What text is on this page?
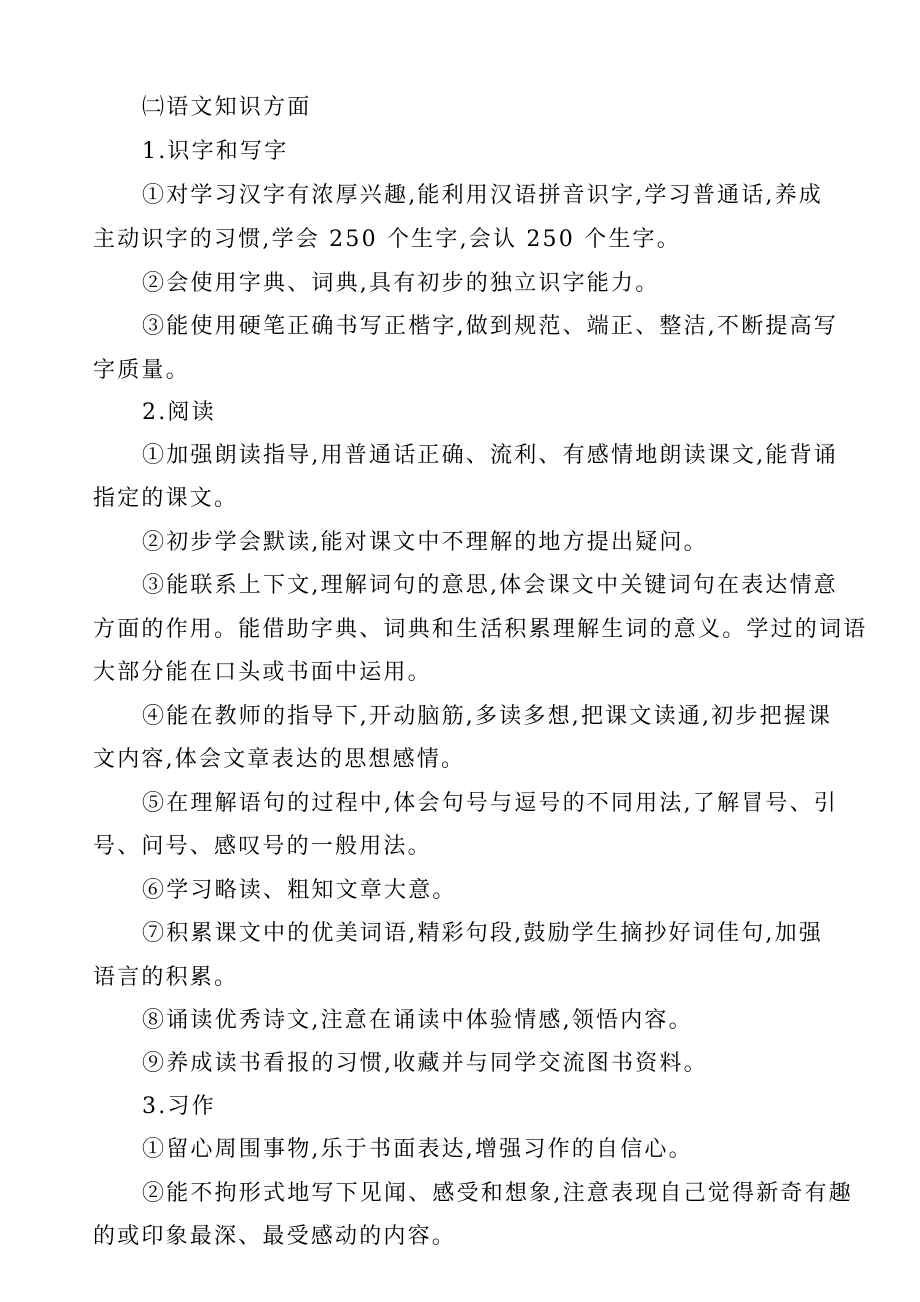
㈡语文知识方面
1.识字和写字
①对学习汉字有浓厚兴趣,能利用汉语拼音识字,学习普通话,养成
主动识字的习惯,学会 250 个生字,会认 250 个生字。
②会使用字典、词典,具有初步的独立识字能力。
③能使用硬笔正确书写正楷字,做到规范、端正、整洁,不断提高写
字质量。
2.阅读
①加强朗读指导,用普通话正确、流利、有感情地朗读课文,能背诵
指定的课文。
②初步学会默读,能对课文中不理解的地方提出疑问。
③能联系上下文,理解词句的意思,体会课文中关键词句在表达情意
方面的作用。能借助字典、词典和生活积累理解生词的意义。学过的词语
大部分能在口头或书面中运用。
④能在教师的指导下,开动脑筋,多读多想,把课文读通,初步把握课
文内容,体会文章表达的思想感情。
⑤在理解语句的过程中,体会句号与逗号的不同用法,了解冒号、引
号、问号、感叹号的一般用法。
⑥学习略读、粗知文章大意。
⑦积累课文中的优美词语,精彩句段,鼓励学生摘抄好词佳句,加强
语言的积累。
⑧诵读优秀诗文,注意在诵读中体验情感,领悟内容。
⑨养成读书看报的习惯,收藏并与同学交流图书资料。
3.习作
①留心周围事物,乐于书面表达,增强习作的自信心。
②能不拘形式地写下见闻、感受和想象,注意表现自己觉得新奇有趣
的或印象最深、最受感动的内容。
